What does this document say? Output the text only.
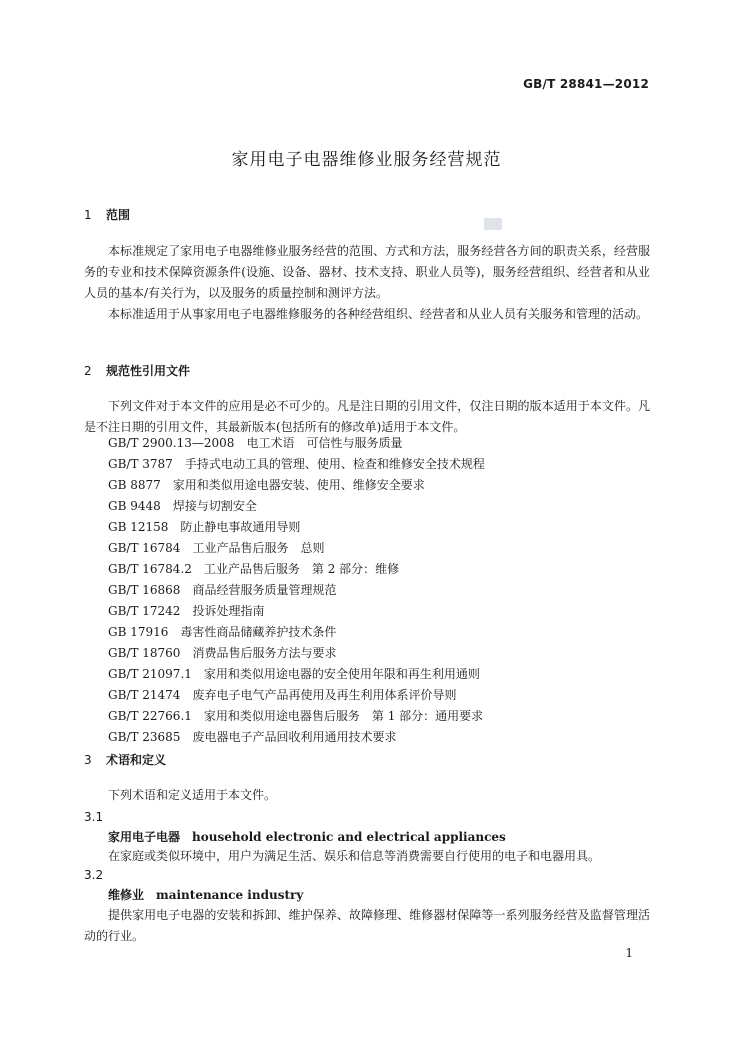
GB/T 28841—2012
家用电子电器维修业服务经营规范
1 范围
本标准规定了家用电子电器维修业服务经营的范围、方式和方法，服务经营各方间的职责关系，经营服务的专业和技术保障资源条件(设施、设备、器材、技术支持、职业人员等)，服务经营组织、经营者和从业人员的基本/有关行为，以及服务的质量控制和测评方法。
本标准适用于从事家用电子电器维修服务的各种经营组织、经营者和从业人员有关服务和管理的活动。
2 规范性引用文件
下列文件对于本文件的应用是必不可少的。凡是注日期的引用文件，仅注日期的版本适用于本文件。凡是不注日期的引用文件，其最新版本(包括所有的修改单)适用于本文件。
GB/T 2900.13—2008 电工术语　可信性与服务质量
GB/T 3787 手持式电动工具的管理、使用、检查和维修安全技术规程
GB 8877 家用和类似用途电器安装、使用、维修安全要求
GB 9448 焊接与切割安全
GB 12158 防止静电事故通用导则
GB/T 16784 工业产品售后服务　总则
GB/T 16784.2 工业产品售后服务　第 2 部分：维修
GB/T 16868 商品经营服务质量管理规范
GB/T 17242 投诉处理指南
GB 17916 毒害性商品储藏养护技术条件
GB/T 18760 消费品售后服务方法与要求
GB/T 21097.1 家用和类似用途电器的安全使用年限和再生利用通则
GB/T 21474 废弃电子电气产品再使用及再生利用体系评价导则
GB/T 22766.1 家用和类似用途电器售后服务　第 1 部分：通用要求
GB/T 23685 废电器电子产品回收利用通用技术要求
3 术语和定义
下列术语和定义适用于本文件。
3.1
家用电子电器 household electronic and electrical appliances
在家庭或类似环境中，用户为满足生活、娱乐和信息等消费需要自行使用的电子和电器用具。
3.2
维修业 maintenance industry
提供家用电子电器的安装和拆卸、维护保养、故障修理、维修器材保障等一系列服务经营及监督管理活动的行业。
1
